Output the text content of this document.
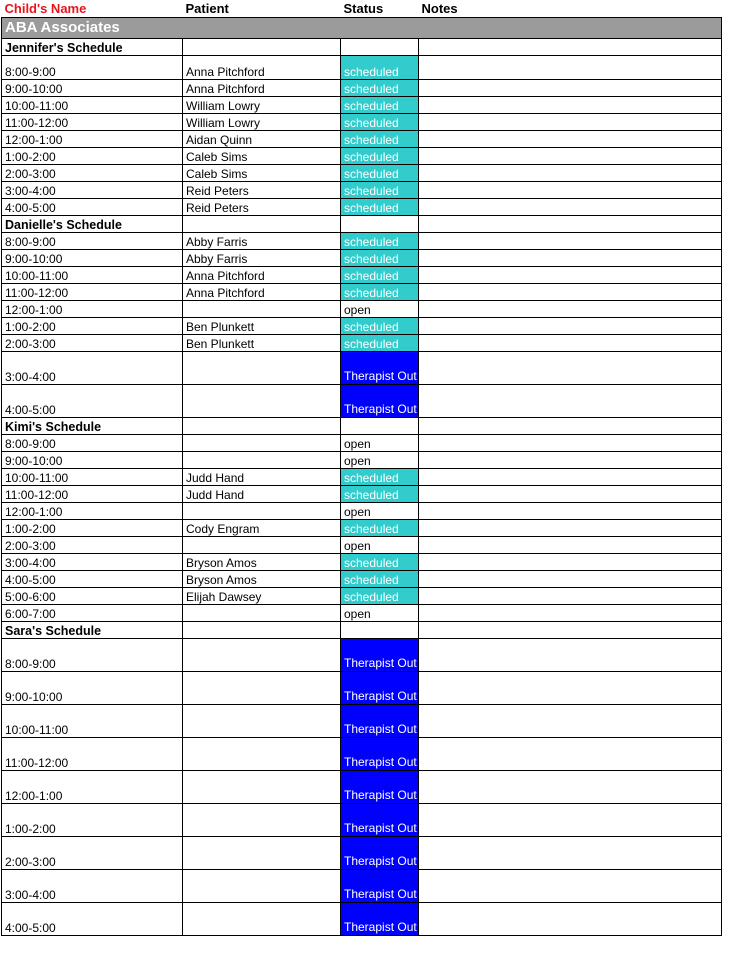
Child's Name	Patient	Status	Notes
ABA Associates			
Jennifer's Schedule			
8:00-9:00	Anna Pitchford	scheduled	
9:00-10:00	Anna Pitchford	scheduled	
10:00-11:00	William Lowry	scheduled	
11:00-12:00	William Lowry	scheduled	
12:00-1:00	Aidan Quinn	scheduled	
1:00-2:00	Caleb Sims	scheduled	
2:00-3:00	Caleb Sims	scheduled	
3:00-4:00	Reid Peters	scheduled	
4:00-5:00	Reid Peters	scheduled	
Danielle's Schedule			
8:00-9:00	Abby Farris	scheduled	
9:00-10:00	Abby Farris	scheduled	
10:00-11:00	Anna Pitchford	scheduled	
11:00-12:00	Anna Pitchford	scheduled	
12:00-1:00		open	
1:00-2:00	Ben Plunkett	scheduled	
2:00-3:00	Ben Plunkett	scheduled	
3:00-4:00		Therapist Out	
4:00-5:00		Therapist Out	
Kimi's Schedule			
8:00-9:00		open	
9:00-10:00		open	
10:00-11:00	Judd Hand	scheduled	
11:00-12:00	Judd Hand	scheduled	
12:00-1:00		open	
1:00-2:00	Cody Engram	scheduled	
2:00-3:00		open	
3:00-4:00	Bryson Amos	scheduled	
4:00-5:00	Bryson Amos	scheduled	
5:00-6:00	Elijah Dawsey	scheduled	
6:00-7:00		open	
Sara's Schedule			
8:00-9:00		Therapist Out	
9:00-10:00		Therapist Out	
10:00-11:00		Therapist Out	
11:00-12:00		Therapist Out	
12:00-1:00		Therapist Out	
1:00-2:00		Therapist Out	
2:00-3:00		Therapist Out	
3:00-4:00		Therapist Out	
4:00-5:00		Therapist Out	
